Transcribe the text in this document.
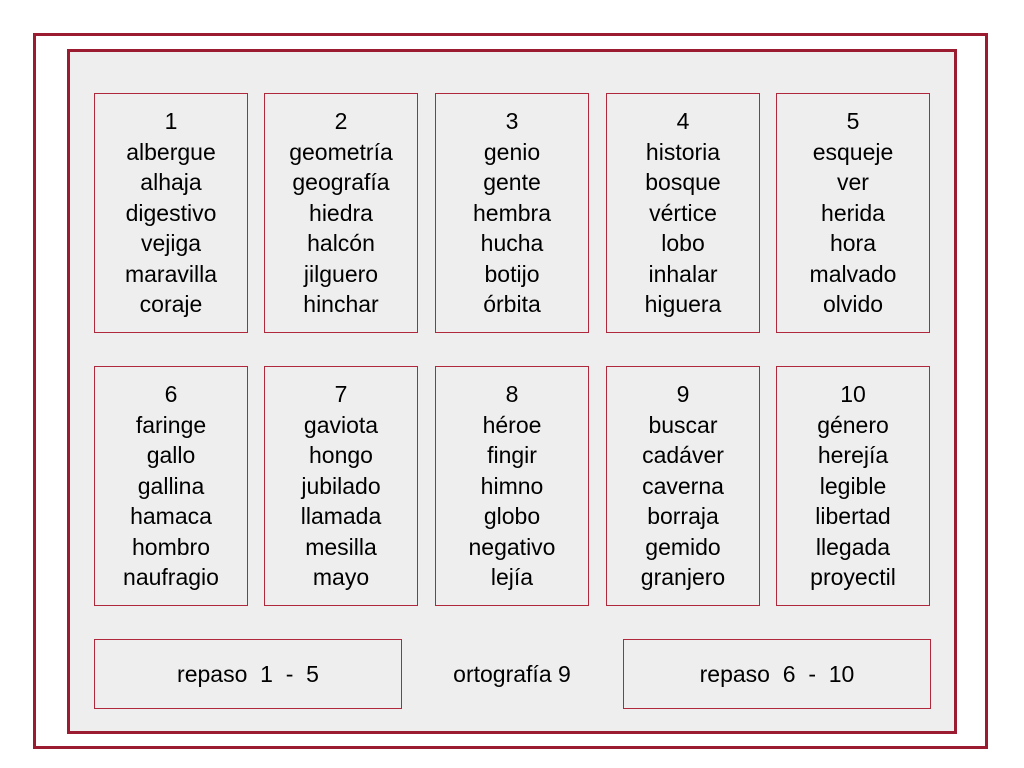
1
albergue
alhaja
digestivo
vejiga
maravilla
coraje
2
geometría
geografía
hiedra
halcón
jilguero
hinchar
3
genio
gente
hembra
hucha
botijo
órbita
4
historia
bosque
vértice
lobo
inhalar
higuera
5
esqueje
ver
herida
hora
malvado
olvido
6
faringe
gallo
gallina
hamaca
hombro
naufragio
7
gaviota
hongo
jubilado
llamada
mesilla
mayo
8
héroe
fingir
himno
globo
negativo
lejía
9
buscar
cadáver
caverna
borraja
gemido
granjero
10
género
herejía
legible
libertad
llegada
proyectil
repaso  1  -  5	ortografía 9	repaso  6  -  10
